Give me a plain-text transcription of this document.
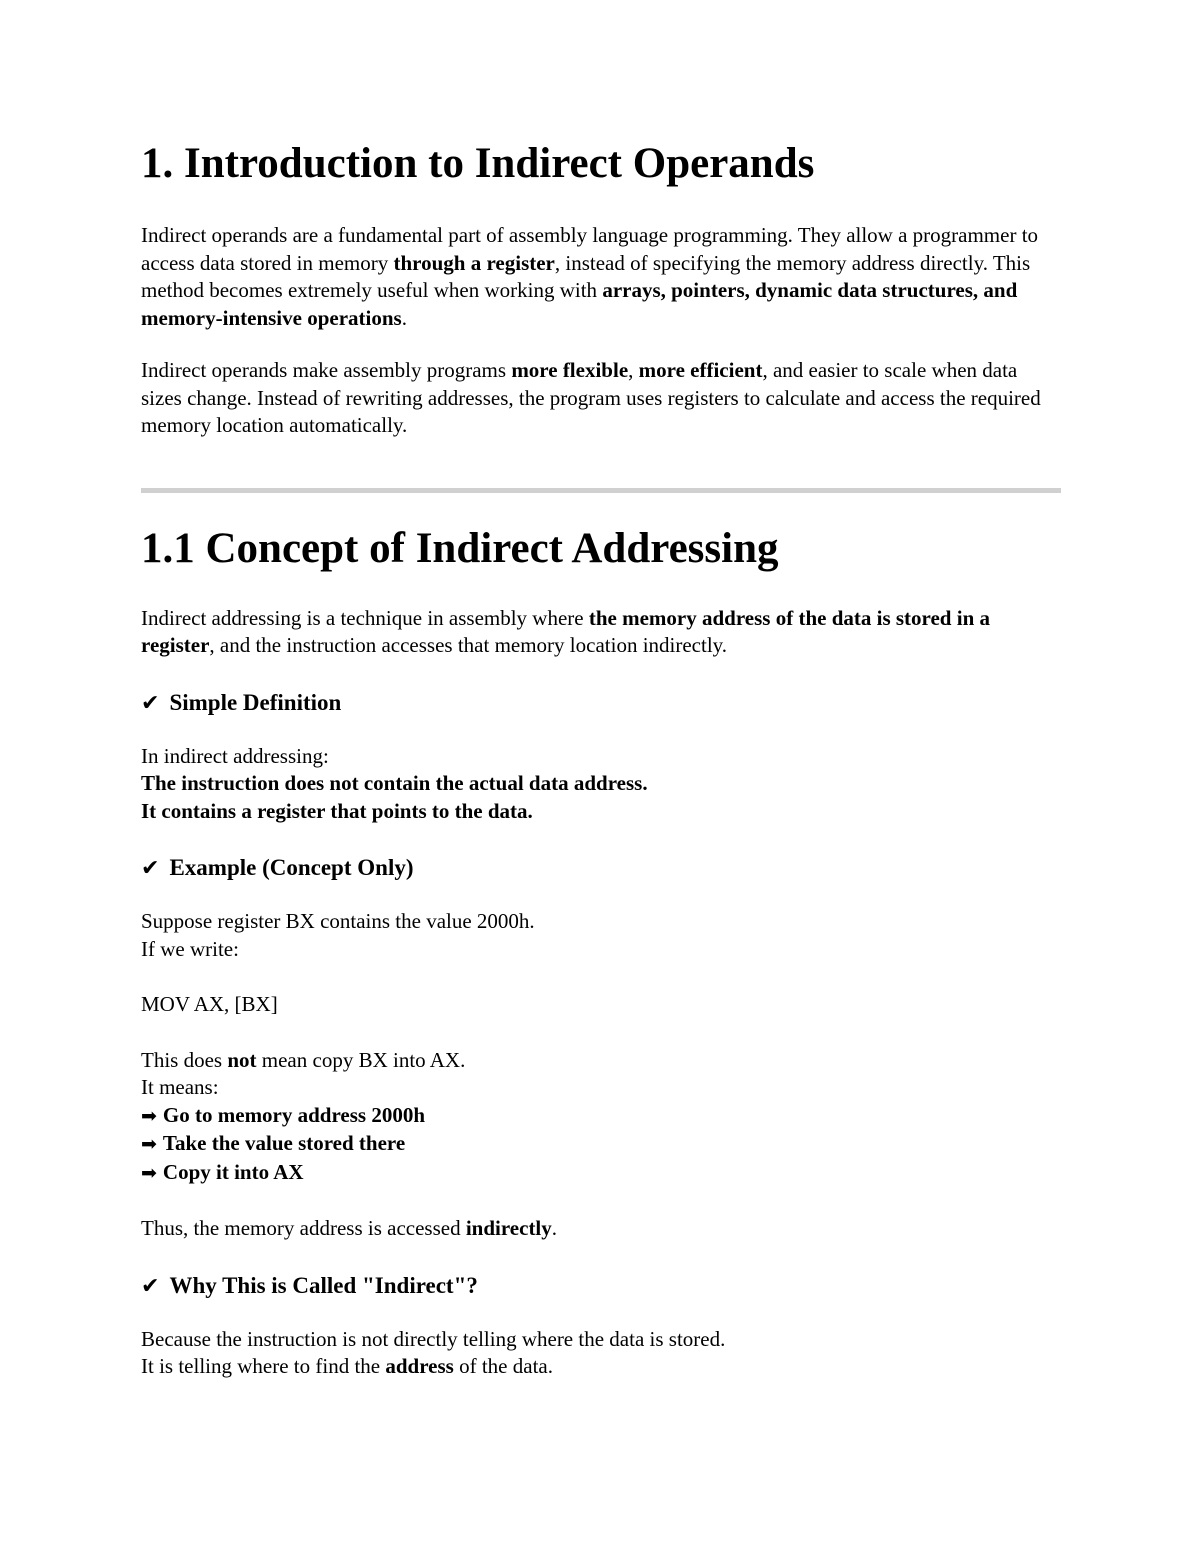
1. Introduction to Indirect Operands

Indirect operands are a fundamental part of assembly language programming. They allow a programmer to access data stored in memory through a register, instead of specifying the memory address directly. This method becomes extremely useful when working with arrays, pointers, dynamic data structures, and memory-intensive operations.

Indirect operands make assembly programs more flexible, more efficient, and easier to scale when data sizes change. Instead of rewriting addresses, the program uses registers to calculate and access the required memory location automatically.

1.1 Concept of Indirect Addressing

Indirect addressing is a technique in assembly where the memory address of the data is stored in a register, and the instruction accesses that memory location indirectly.

✔ Simple Definition

In indirect addressing:
The instruction does not contain the actual data address.
It contains a register that points to the data.

✔ Example (Concept Only)

Suppose register BX contains the value 2000h.
If we write:

MOV AX, [BX]

This does not mean copy BX into AX.
It means:
➡ Go to memory address 2000h
➡ Take the value stored there
➡ Copy it into AX

Thus, the memory address is accessed indirectly.

✔ Why This is Called "Indirect"?

Because the instruction is not directly telling where the data is stored.
It is telling where to find the address of the data.
